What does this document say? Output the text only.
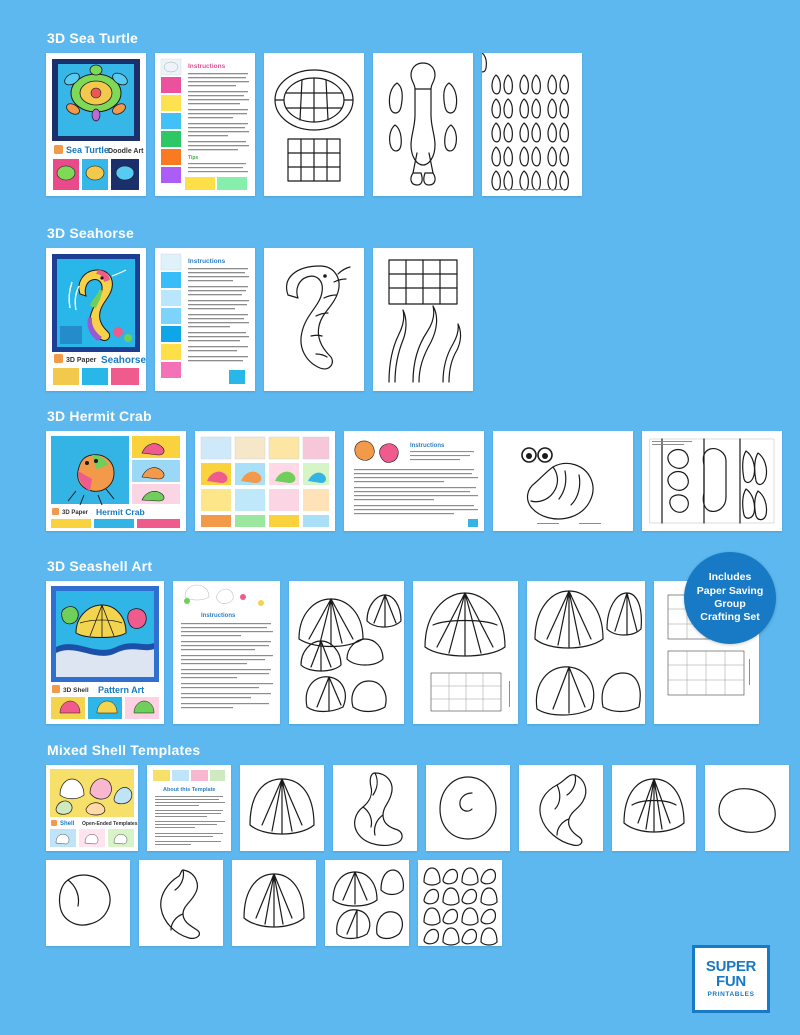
3D Sea Turtle
Sea Turtle Doodle Art
Instructions
Tips
3D Seahorse
3D Paper Seahorse
Instructions
3D Hermit Crab
3D Paper Hermit Crab
Instructions
3D Seashell Art
3D Shell Pattern Art
Instructions
Includes
Paper Saving
Group
Crafting Set
Mixed Shell Templates
Shell Open-Ended Templates
About this Template
SUPER
FUN
PRINTABLES
